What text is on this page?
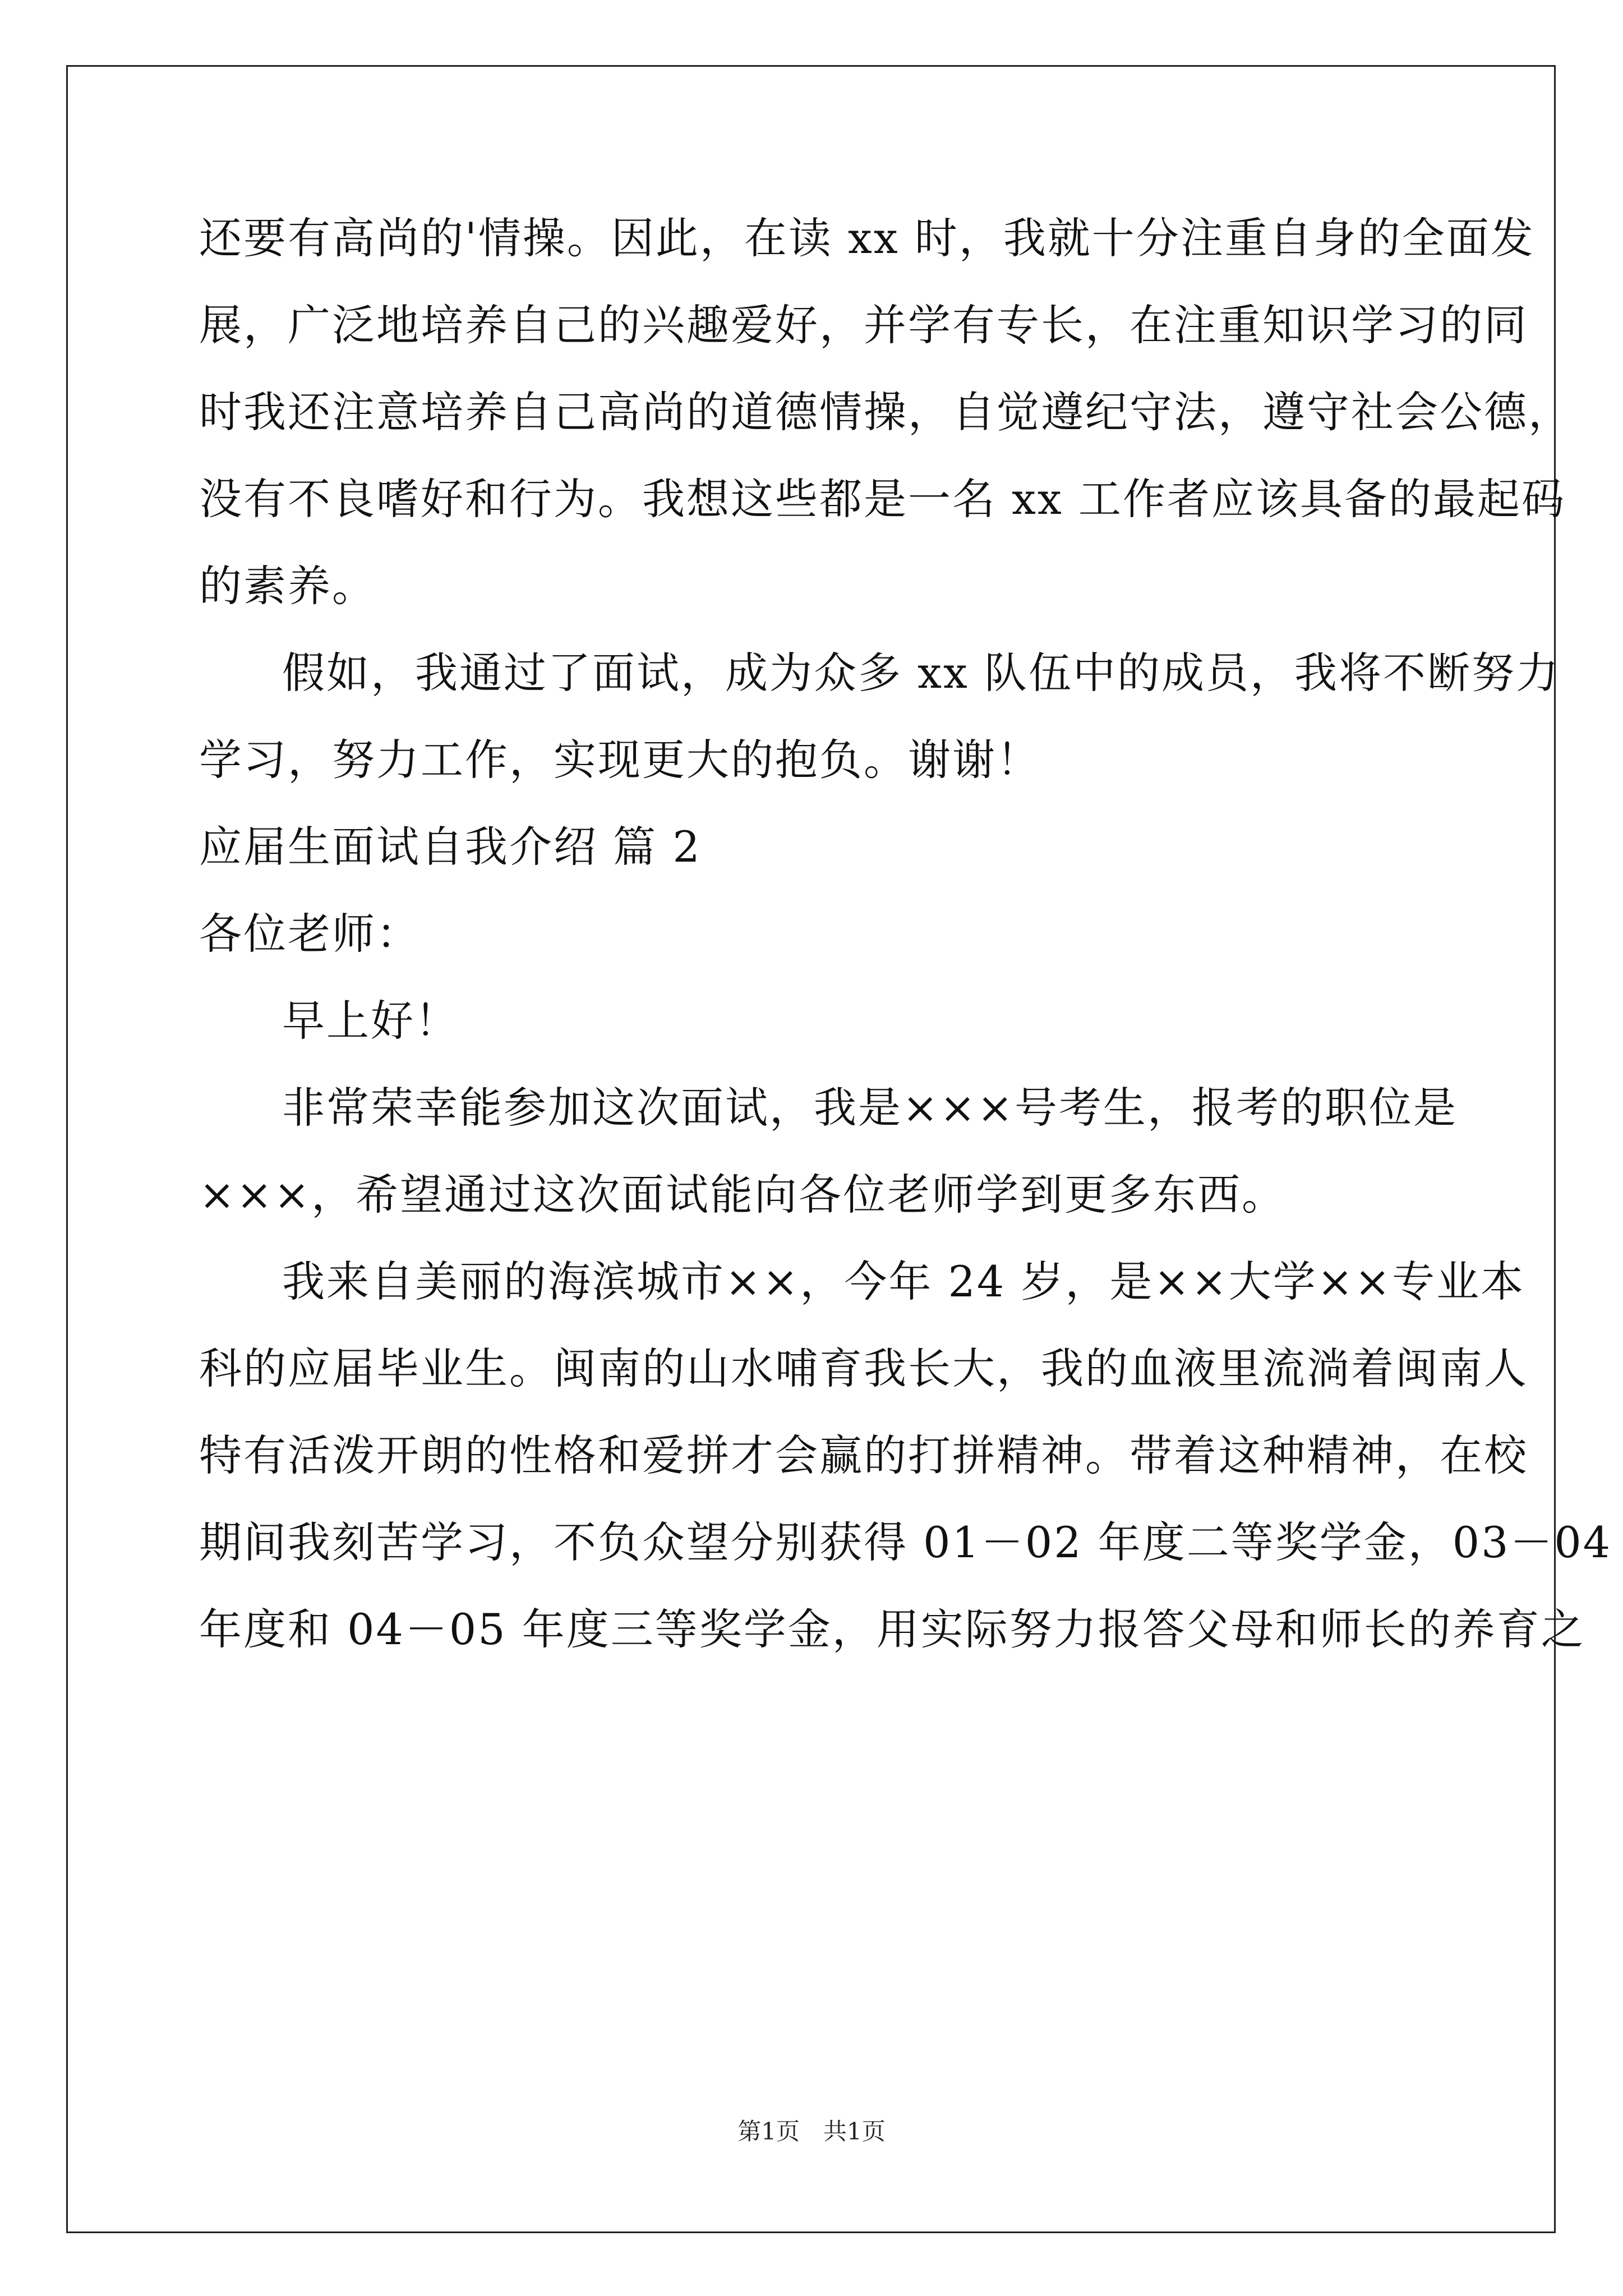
还要有高尚的'情操。因此，在读 xx 时，我就十分注重自身的全面发
展，广泛地培养自己的兴趣爱好，并学有专长，在注重知识学习的同
时我还注意培养自己高尚的道德情操，自觉遵纪守法，遵守社会公德，
没有不良嗜好和行为。我想这些都是一名 xx 工作者应该具备的最起码
的素养。
假如，我通过了面试，成为众多 xx 队伍中的成员，我将不断努力
学习，努力工作，实现更大的抱负。谢谢！
应届生面试自我介绍 篇 2
各位老师：
早上好！
非常荣幸能参加这次面试，我是×××号考生，报考的职位是
×××，希望通过这次面试能向各位老师学到更多东西。
我来自美丽的海滨城市××，今年 24 岁，是××大学××专业本
科的应届毕业生。闽南的山水哺育我长大，我的血液里流淌着闽南人
特有活泼开朗的性格和爱拼才会赢的打拼精神。带着这种精神，在校
期间我刻苦学习，不负众望分别获得 01－02 年度二等奖学金，03－04
年度和 04－05 年度三等奖学金，用实际努力报答父母和师长的养育之
第1页　共1页
